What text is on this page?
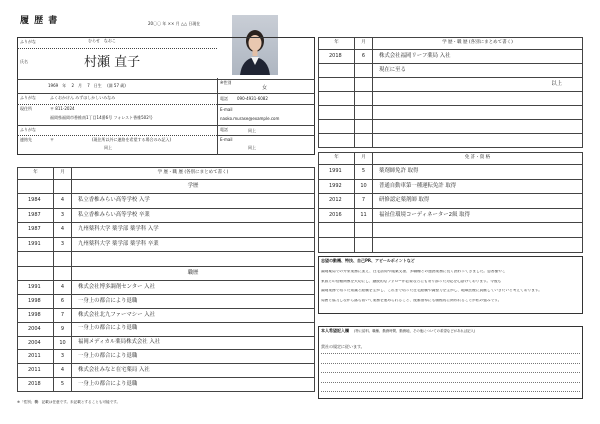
履 歴 書	20〇〇 年 ×× 月 △△ 日現在
ふりがな	むらせ　なおこ
氏名	村瀬 直子
1969　年　 2　月　 7　日生　 (満 57 歳)
※性別
女
ふりがな	ふくおかけん みずほしかしいみなみ
現住所	〒 811-2024
福岡県福岡市香椎南1丁目14番6号 フォレスト香椎502号
電話 090-4931-6082
E-mail
naoko.murase@example.com
ふりがな
連絡先	〒	(現住所以外に連絡を希望する場合のみ記入)
同上
電話	同上
E-mail
同上
年	月	学 歴・職 歴 (各別にまとめて書く)
		学歴
1984	4	私立香椎みらい高等学校 入学
1987	3	私立香椎みらい高等学校 卒業
1987	4	九州薬科大学 薬学部 薬学科 入学
1991	3	九州薬科大学 薬学部 薬学科 卒業

		職歴
1991	4	株式会社博多調剤センター 入社
1998	6	一身上の都合により退職
1998	7	株式会社北九ファーマシー 入社
2004	9	一身上の都合により退職
2004	10	福岡メディカル薬局株式会社 入社
2011	3	一身上の都合により退職
2011	4	株式会社みなと在宅薬局 入社
2018	5	一身上の都合により退職
※「性別」欄：記載は任意です。未記載とすることも可能です。
年	月	学 歴・職 歴 (各別にまとめて書く)
2018	6	株式会社福岡リーフ薬局 入社
		現在に至る
		以上

年	月	免 許・資 格
1991	5	薬剤師免許 取得
1992	10	普通自動車第一種運転免許 取得
2012	7	研修認定薬剤師 取得
2016	11	福祉住環境コーディネーター2級 取得

志望の動機、特技、自己PR、アピールポイントなど
調剤薬局での外来業務に加え、在宅訪問や服薬支援、多職種との連携業務に長く携わってきました。患者様やご
家族との信頼関係を大切にし、継続的なフォローが必要な方にも寄り添った対応を心掛けております。今後も
調剤業務で培った知識と経験を生かし、これまで培った在宅経験や調整力を生かし、地域医療に貢献していきたいと考えております。
周囲と協力しながら落ち着いて業務を進められること、後輩指導にも積極的に関われることが私の強みです。
本人希望記入欄 (特に給料、職種、勤務時間、勤務地、その他についての希望などがあれば記入)
貴社の規定に従います。
